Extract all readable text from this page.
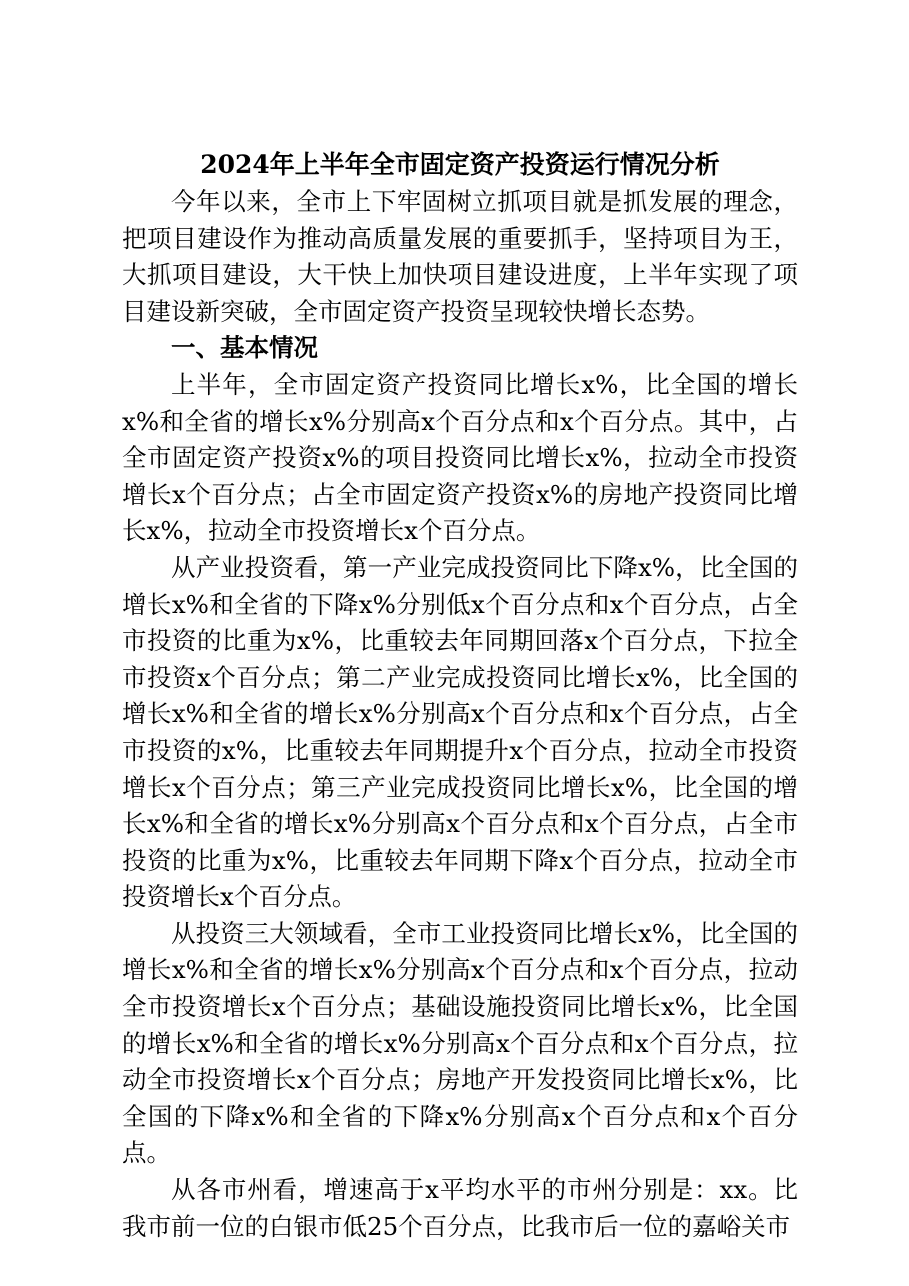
2024年上半年全市固定资产投资运行情况分析

今年以来，全市上下牢固树立抓项目就是抓发展的理念，把项目建设作为推动高质量发展的重要抓手，坚持项目为王，大抓项目建设，大干快上加快项目建设进度，上半年实现了项目建设新突破，全市固定资产投资呈现较快增长态势。

一、基本情况

上半年，全市固定资产投资同比增长x%，比全国的增长x%和全省的增长x%分别高x个百分点和x个百分点。其中，占全市固定资产投资x%的项目投资同比增长x%，拉动全市投资增长x个百分点；占全市固定资产投资x%的房地产投资同比增长x%，拉动全市投资增长x个百分点。

从产业投资看，第一产业完成投资同比下降x%，比全国的增长x%和全省的下降x%分别低x个百分点和x个百分点，占全市投资的比重为x%，比重较去年同期回落x个百分点，下拉全市投资x个百分点；第二产业完成投资同比增长x%，比全国的增长x%和全省的增长x%分别高x个百分点和x个百分点，占全市投资的x%，比重较去年同期提升x个百分点，拉动全市投资增长x个百分点；第三产业完成投资同比增长x%，比全国的增长x%和全省的增长x%分别高x个百分点和x个百分点，占全市投资的比重为x%，比重较去年同期下降x个百分点，拉动全市投资增长x个百分点。

从投资三大领域看，全市工业投资同比增长x%，比全国的增长x%和全省的增长x%分别高x个百分点和x个百分点，拉动全市投资增长x个百分点；基础设施投资同比增长x%，比全国的增长x%和全省的增长x%分别高x个百分点和x个百分点，拉动全市投资增长x个百分点；房地产开发投资同比增长x%，比全国的下降x%和全省的下降x%分别高x个百分点和x个百分点。

从各市州看，增速高于x平均水平的市州分别是：xx。比我市前一位的白银市低25个百分点，比我市后一位的嘉峪关市
